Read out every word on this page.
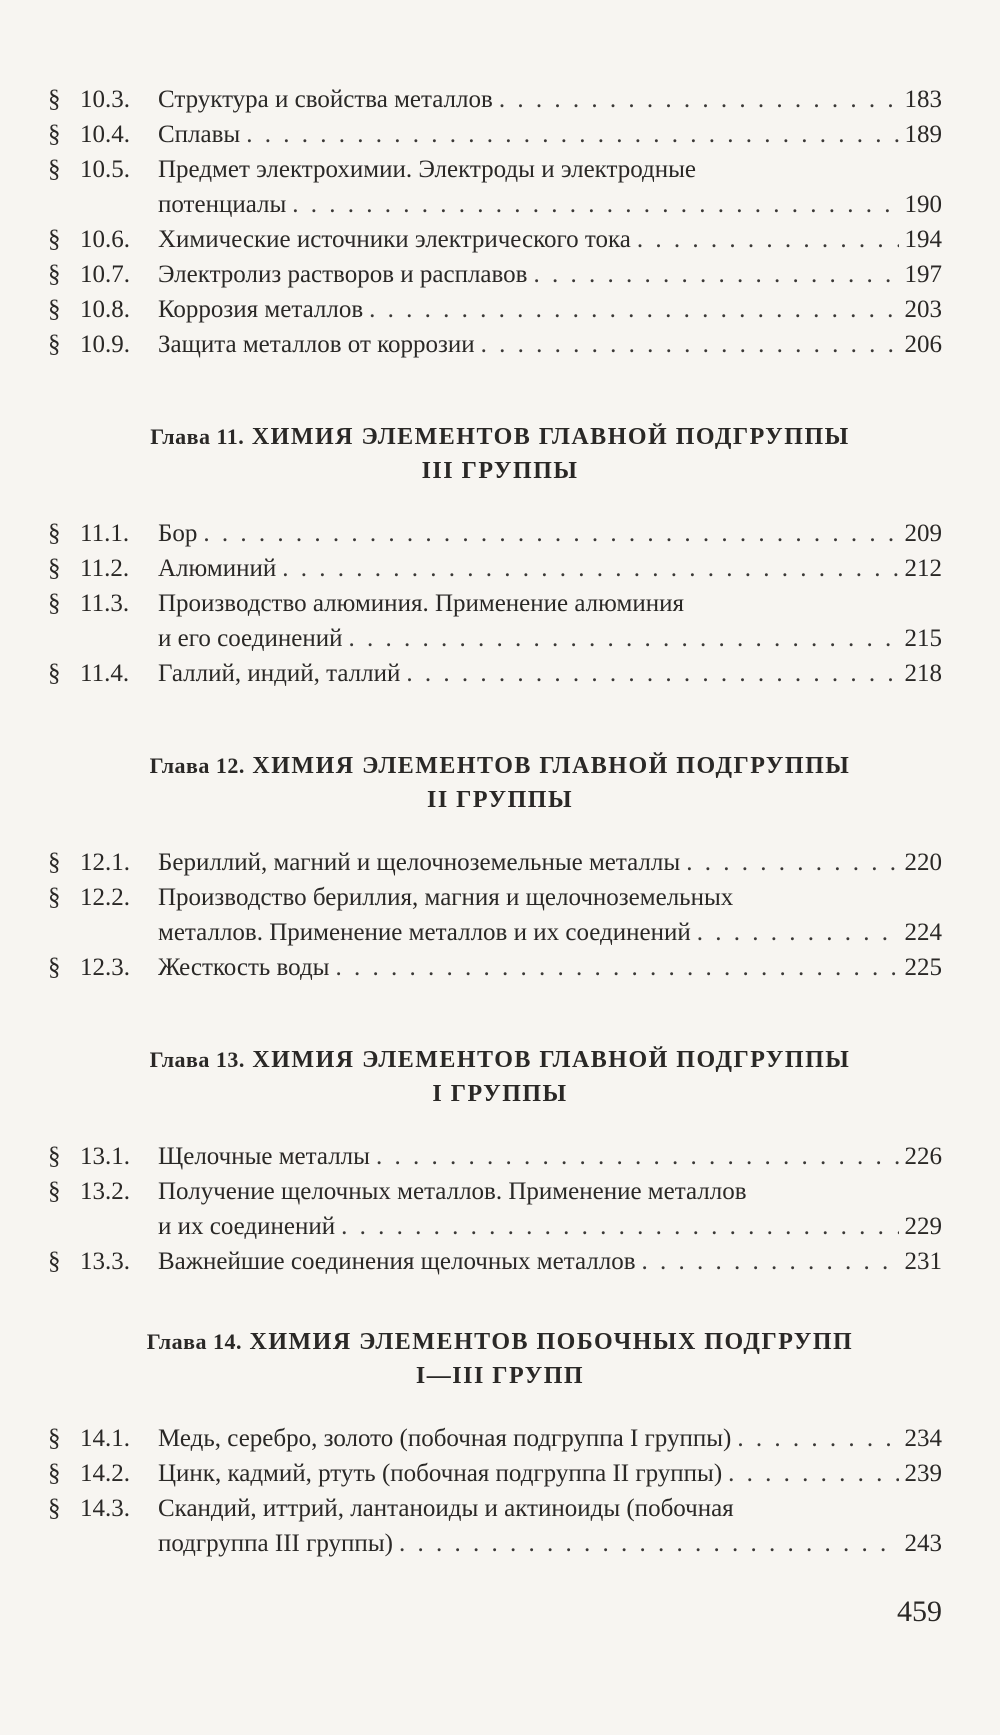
§ 10.3. Структура и свойства металлов . . .	183
§ 10.4. Сплавы . . .	189
§ 10.5. Предмет электрохимии. Электроды и электродные
потенциалы . . .	190
§ 10.6. Химические источники электрического тока . . .	194
§ 10.7. Электролиз растворов и расплавов . . .	197
§ 10.8. Коррозия металлов . . .	203
§ 10.9. Защита металлов от коррозии . . .	206
Глава 11. ХИМИЯ ЭЛЕМЕНТОВ ГЛАВНОЙ ПОДГРУППЫ
III ГРУППЫ
§ 11.1. Бор . . .	209
§ 11.2. Алюминий . . .	212
§ 11.3. Производство алюминия. Применение алюминия
и его соединений . . .	215
§ 11.4. Галлий, индий, таллий . . .	218
Глава 12. ХИМИЯ ЭЛЕМЕНТОВ ГЛАВНОЙ ПОДГРУППЫ
II ГРУППЫ
§ 12.1. Бериллий, магний и щелочноземельные металлы . . .	220
§ 12.2. Производство бериллия, магния и щелочноземельных
металлов. Применение металлов и их соединений . . .	224
§ 12.3. Жесткость воды . . .	225
Глава 13. ХИМИЯ ЭЛЕМЕНТОВ ГЛАВНОЙ ПОДГРУППЫ
I ГРУППЫ
§ 13.1. Щелочные металлы . . .	226
§ 13.2. Получение щелочных металлов. Применение металлов
и их соединений . . .	229
§ 13.3. Важнейшие соединения щелочных металлов . . .	231
Глава 14. ХИМИЯ ЭЛЕМЕНТОВ ПОБОЧНЫХ ПОДГРУПП
I—III ГРУПП
§ 14.1. Медь, серебро, золото (побочная подгруппа I группы) . . .	234
§ 14.2. Цинк, кадмий, ртуть (побочная подгруппа II группы) . . .	239
§ 14.3. Скандий, иттрий, лантаноиды и актиноиды (побочная
подгруппа III группы) . . .	243
459
